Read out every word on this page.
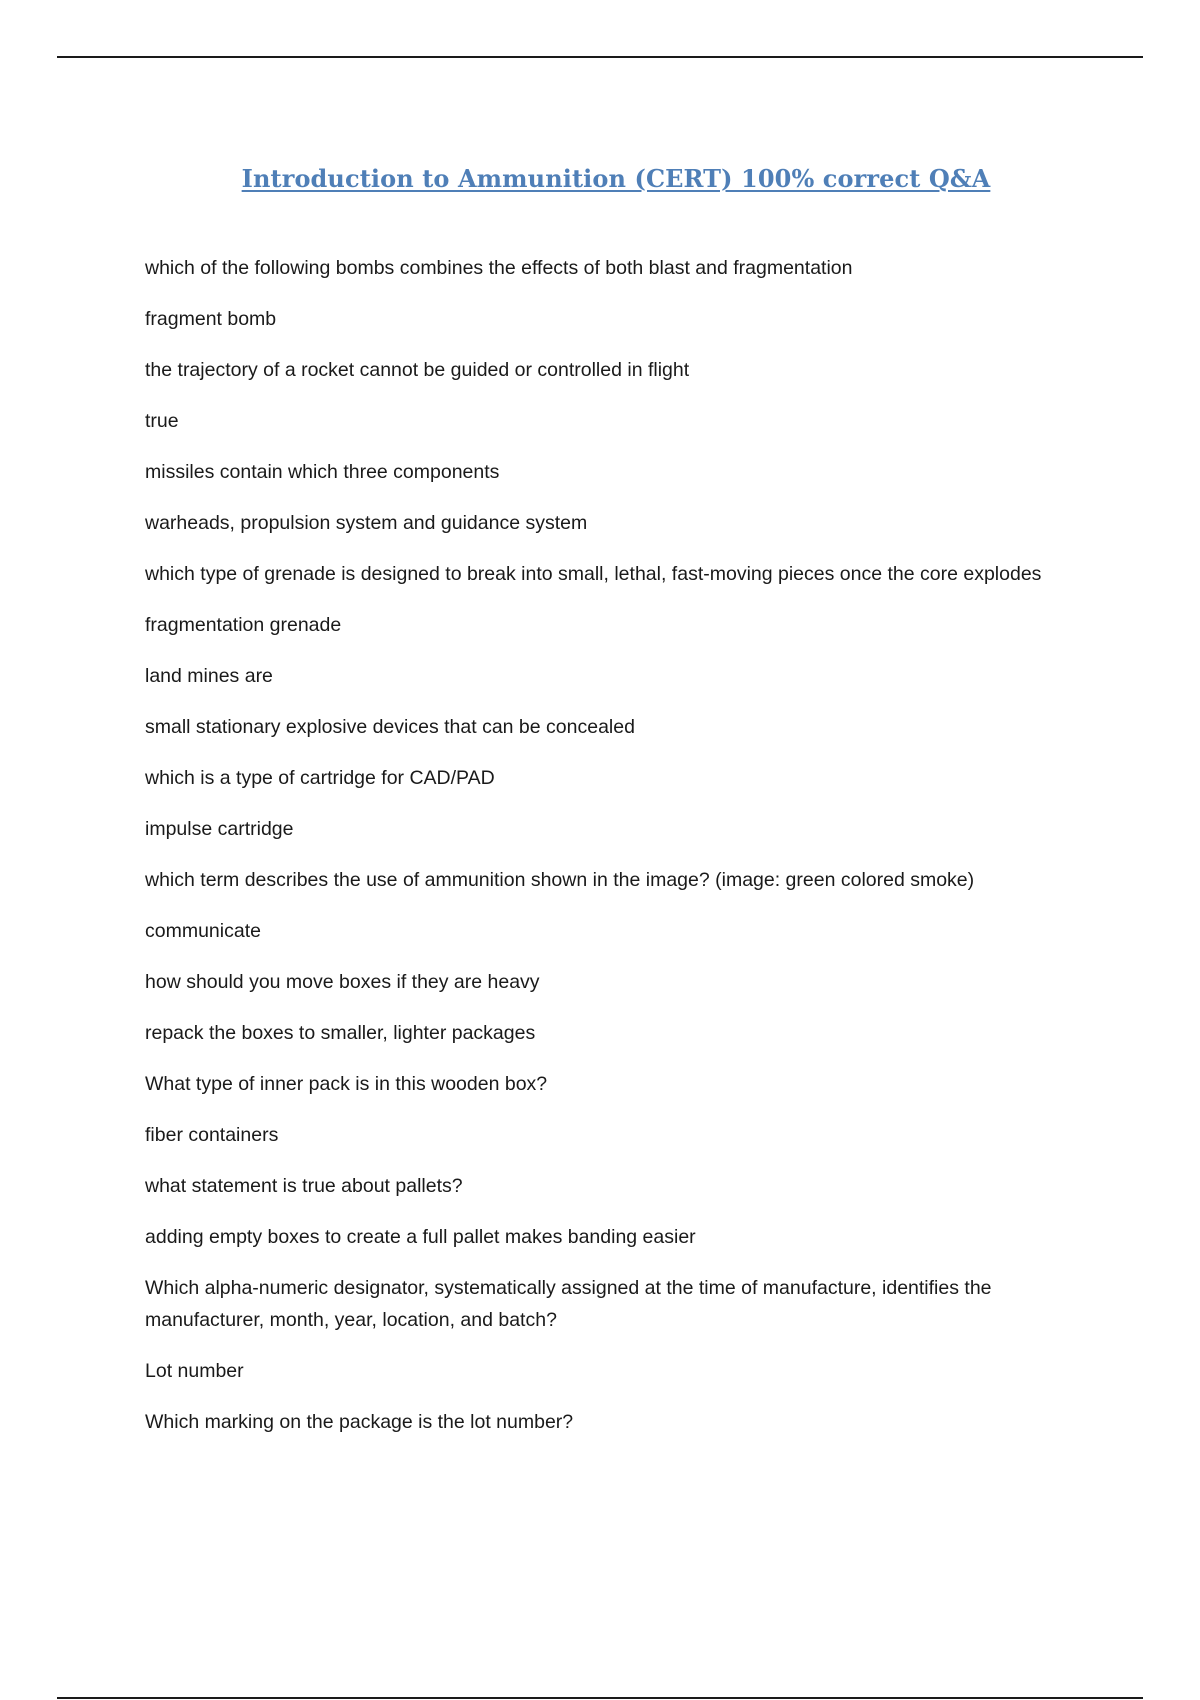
Introduction to Ammunition (CERT) 100% correct Q&A
which of the following bombs combines the effects of both blast and fragmentation
fragment bomb
the trajectory of a rocket cannot be guided or controlled in flight
true
missiles contain which three components
warheads, propulsion system and guidance system
which type of grenade is designed to break into small, lethal, fast-moving pieces once the core explodes
fragmentation grenade
land mines are
small stationary explosive devices that can be concealed
which is a type of cartridge for CAD/PAD
impulse cartridge
which term describes the use of ammunition shown in the image? (image: green colored smoke)
communicate
how should you move boxes if they are heavy
repack the boxes to smaller, lighter packages
What type of inner pack is in this wooden box?
fiber containers
what statement is true about pallets?
adding empty boxes to create a full pallet makes banding easier
Which alpha-numeric designator, systematically assigned at the time of manufacture, identifies the manufacturer, month, year, location, and batch?
Lot number
Which marking on the package is the lot number?
